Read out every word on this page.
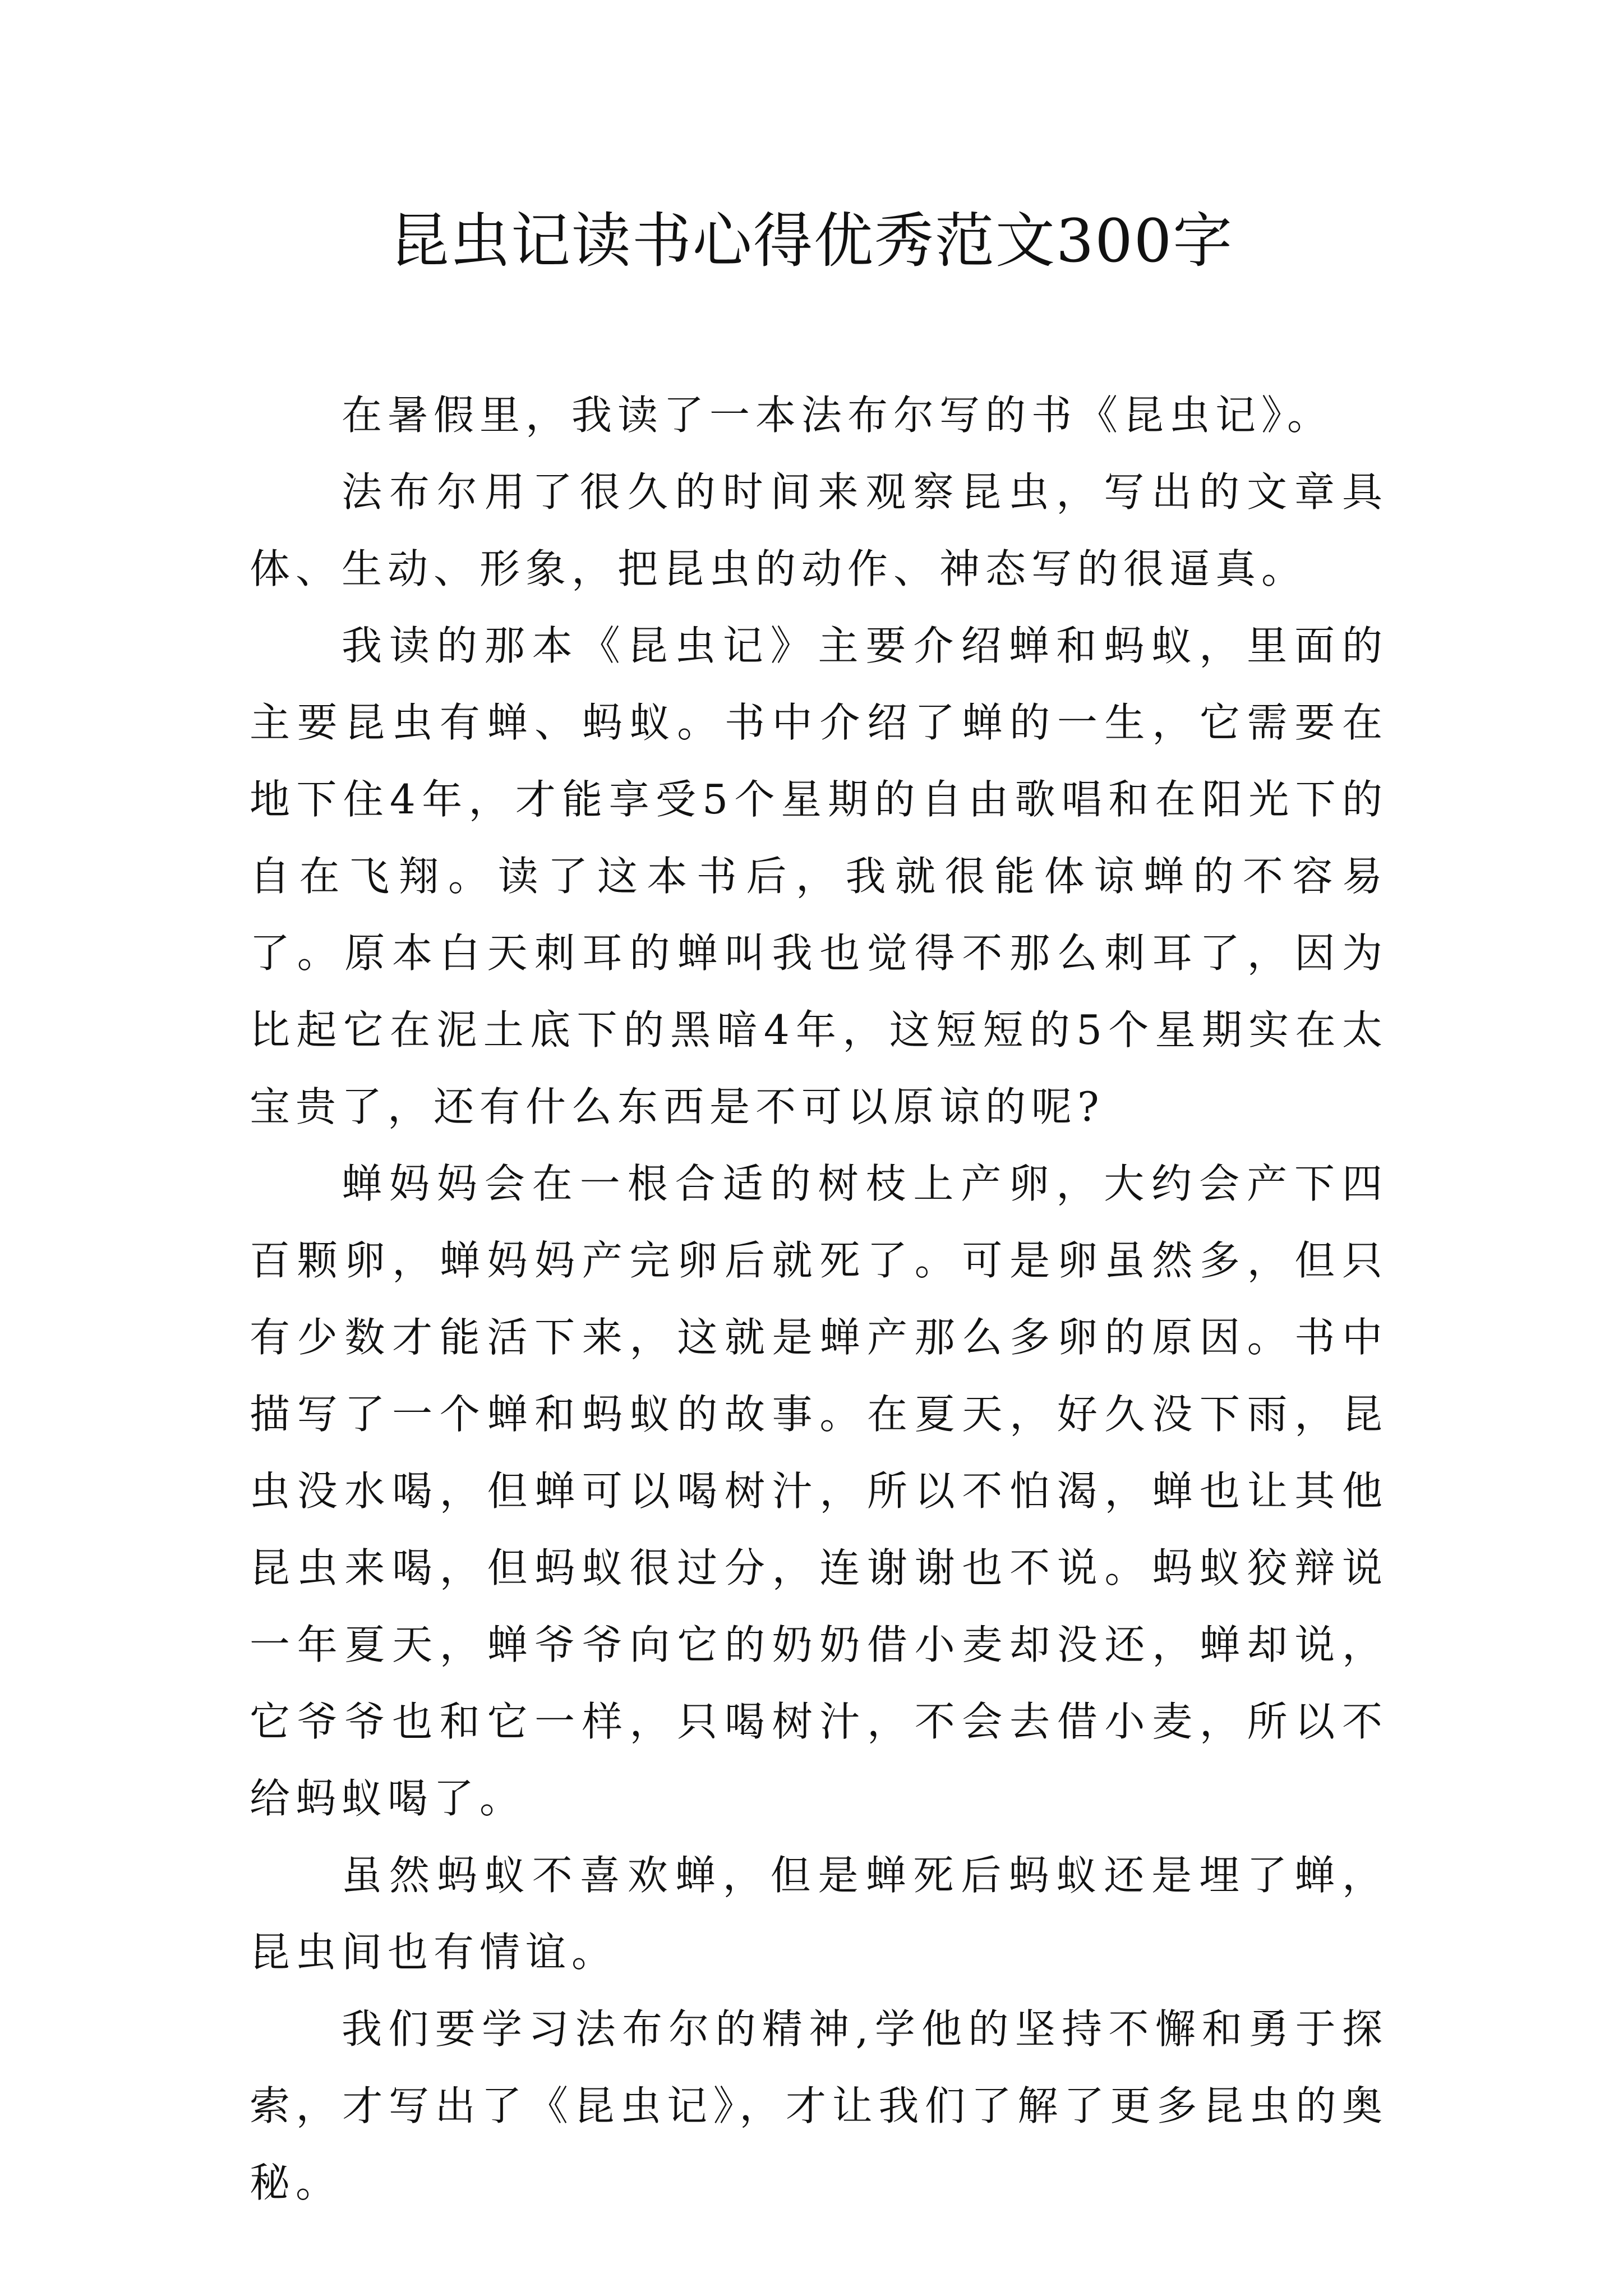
昆虫记读书心得优秀范文300字

在暑假里，我读了一本法布尔写的书《昆虫记》。

法布尔用了很久的时间来观察昆虫，写出的文章具体、生动、形象，把昆虫的动作、神态写的很逼真。

我读的那本《昆虫记》主要介绍蝉和蚂蚁，里面的主要昆虫有蝉、蚂蚁。书中介绍了蝉的一生，它需要在地下住4年，才能享受5个星期的自由歌唱和在阳光下的自在飞翔。读了这本书后，我就很能体谅蝉的不容易了。原本白天刺耳的蝉叫我也觉得不那么刺耳了，因为比起它在泥土底下的黑暗4年，这短短的5个星期实在太宝贵了，还有什么东西是不可以原谅的呢?

蝉妈妈会在一根合适的树枝上产卵，大约会产下四百颗卵，蝉妈妈产完卵后就死了。可是卵虽然多，但只有少数才能活下来，这就是蝉产那么多卵的原因。书中描写了一个蝉和蚂蚁的故事。在夏天，好久没下雨，昆虫没水喝，但蝉可以喝树汁，所以不怕渴，蝉也让其他昆虫来喝，但蚂蚁很过分，连谢谢也不说。蚂蚁狡辩说一年夏天，蝉爷爷向它的奶奶借小麦却没还，蝉却说，它爷爷也和它一样，只喝树汁，不会去借小麦，所以不给蚂蚁喝了。

虽然蚂蚁不喜欢蝉，但是蝉死后蚂蚁还是埋了蝉，昆虫间也有情谊。

我们要学习法布尔的精神,学他的坚持不懈和勇于探索，才写出了《昆虫记》，才让我们了解了更多昆虫的奥秘。
